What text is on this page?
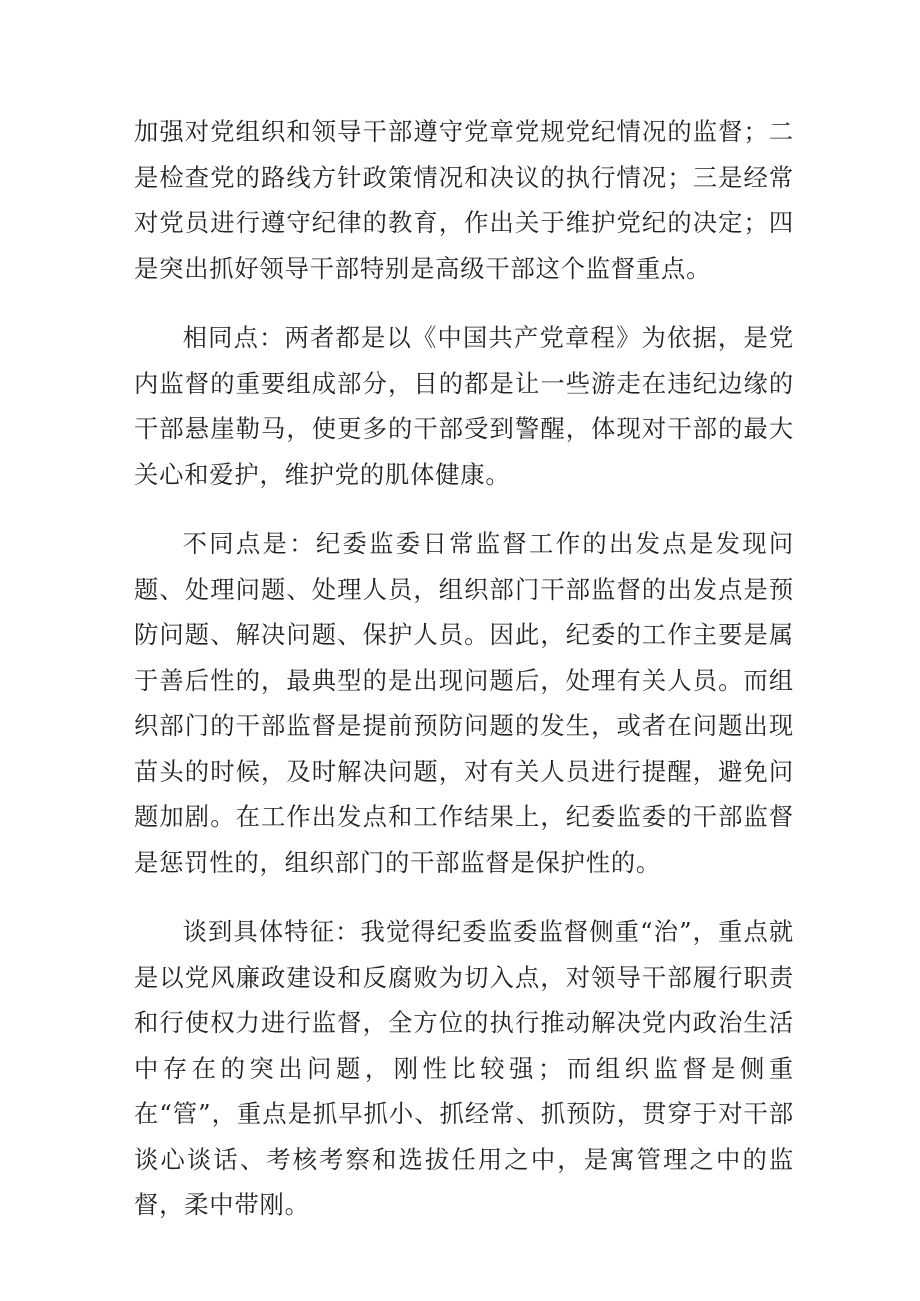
加强对党组织和领导干部遵守党章党规党纪情况的监督；二是检查党的路线方针政策情况和决议的执行情况；三是经常对党员进行遵守纪律的教育，作出关于维护党纪的决定；四是突出抓好领导干部特别是高级干部这个监督重点。

相同点：两者都是以《中国共产党章程》为依据，是党内监督的重要组成部分，目的都是让一些游走在违纪边缘的干部悬崖勒马，使更多的干部受到警醒，体现对干部的最大关心和爱护，维护党的肌体健康。

不同点是：纪委监委日常监督工作的出发点是发现问题、处理问题、处理人员，组织部门干部监督的出发点是预防问题、解决问题、保护人员。因此，纪委的工作主要是属于善后性的，最典型的是出现问题后，处理有关人员。而组织部门的干部监督是提前预防问题的发生，或者在问题出现苗头的时候，及时解决问题，对有关人员进行提醒，避免问题加剧。在工作出发点和工作结果上，纪委监委的干部监督是惩罚性的，组织部门的干部监督是保护性的。

谈到具体特征：我觉得纪委监委监督侧重“治”，重点就是以党风廉政建设和反腐败为切入点，对领导干部履行职责和行使权力进行监督，全方位的执行推动解决党内政治生活中存在的突出问题，刚性比较强；而组织监督是侧重在“管”，重点是抓早抓小、抓经常、抓预防，贯穿于对干部谈心谈话、考核考察和选拔任用之中，是寓管理之中的监督，柔中带刚。
